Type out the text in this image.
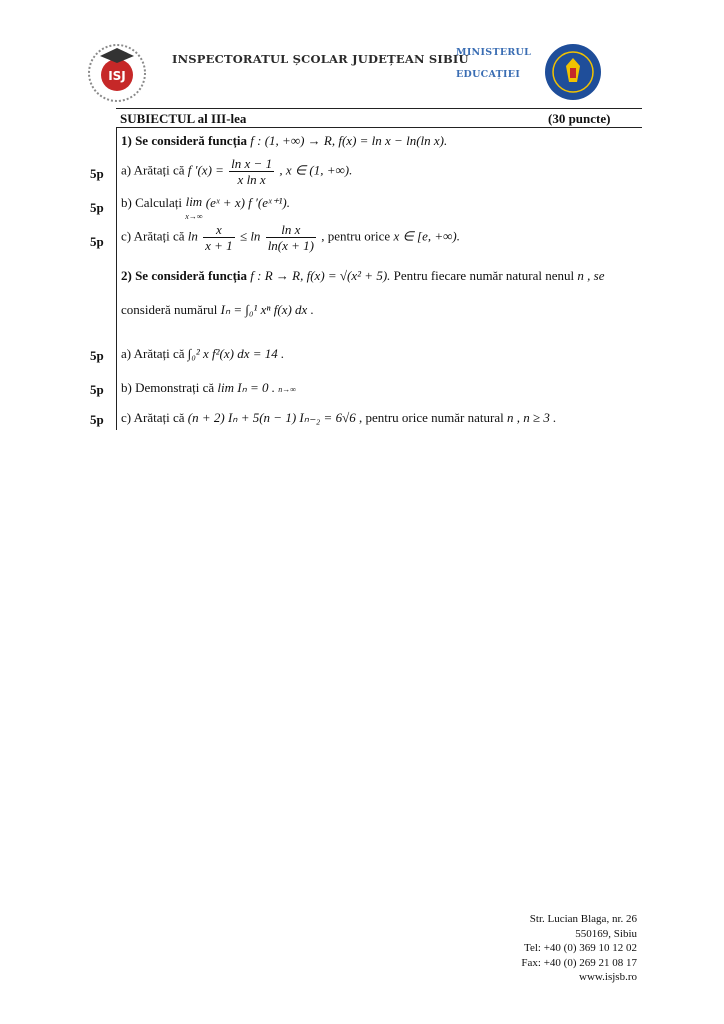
ISJ
INSPECTORATUL ȘCOLAR JUDEȚEAN SIBIU
MINISTERUL
EDUCAȚIEI
SUBIECTUL al III-lea	(30 puncte)
1) Se consideră funcția f : (1, +∞) → R, f(x) = ln x − ln(ln x).
5p a) Arătați că f $'(x) = \frac{\text{ln x − 1}}{\text{x ln x}}$ , x ∈ (1, +∞).
5p b) Calculați lim
x→∞ (eˣ + x) f ′(eˣ⁺¹).
5p c) Arătați că $\ln \frac{x}{x + 1} \le \ln \frac{\text{ln x}}{\ln(x + 1)}$ , pentru orice x ∈ [e, +∞).
2) Se consideră funcția f : R → R, f(x) = √(x² + 5). Pentru fiecare număr natural nenul n , se
consideră numărul Iₙ = ∫₀¹ xⁿ f(x) dx .
5p a) Arătați că ∫₀² x f²(x) dx = 14 .
5p b) Demonstrați că lim Iₙ = 0 . n→∞
5p c) Arătați că (n + 2) Iₙ + 5(n − 1) Iₙ₋₂ = 6√6 , pentru orice număr natural n , n ≥ 3 .
Str. Lucian Blaga, nr. 26
550169, Sibiu
Tel: +40 (0) 369 10 12 02
Fax: +40 (0) 269 21 08 17
www.isjsb.ro
